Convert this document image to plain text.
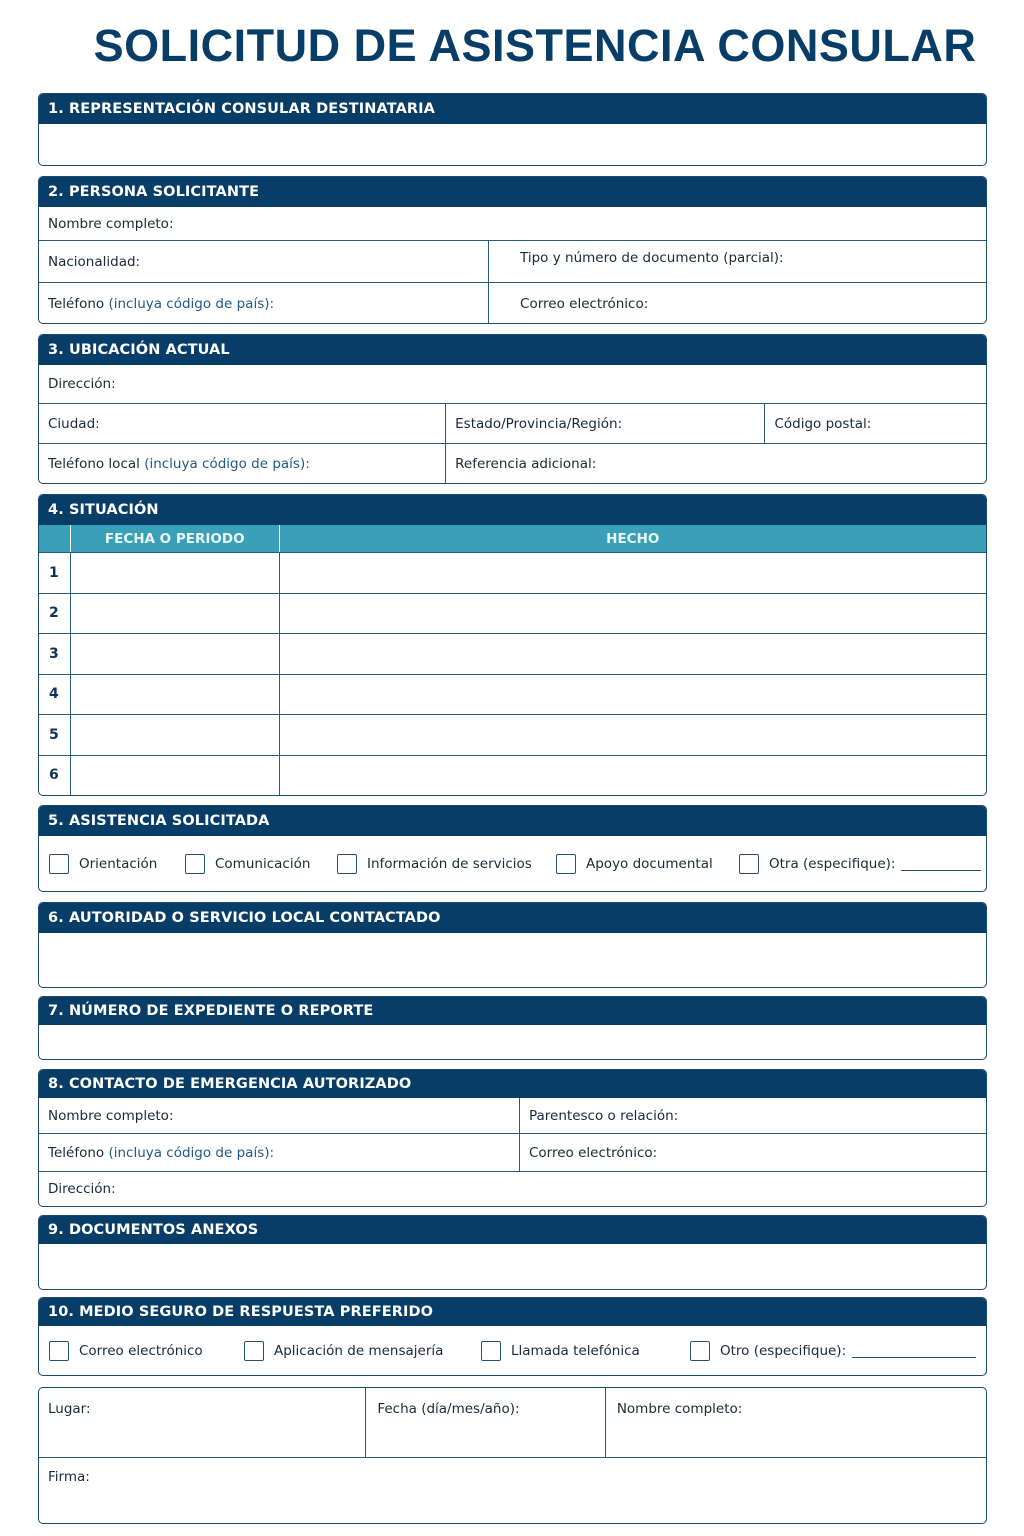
SOLICITUD DE ASISTENCIA CONSULAR
1. REPRESENTACIÓN CONSULAR DESTINATARIA
2. PERSONA SOLICITANTE
Nombre completo:
Nacionalidad:	Tipo y número de documento (parcial):
Teléfono
(incluya código de país):	Correo electrónico:
3. UBICACIÓN ACTUAL
Dirección:
Ciudad:	Estado/Provincia/Región:	Código postal:
Teléfono local
(incluya código de país):	Referencia adicional:
4. SITUACIÓN
FECHA O PERIODO	HECHO
1
2
3
4
5
6
5. ASISTENCIA SOLICITADA
Orientación	Comunicación	Información de servicios	Apoyo documental	Otra (especifique):
6. AUTORIDAD O SERVICIO LOCAL CONTACTADO
7. NÚMERO DE EXPEDIENTE O REPORTE
8. CONTACTO DE EMERGENCIA AUTORIZADO
Nombre completo:	Parentesco o relación:
Teléfono
(incluya código de país):	Correo electrónico:
Dirección:
9. DOCUMENTOS ANEXOS
10. MEDIO SEGURO DE RESPUESTA PREFERIDO
Correo electrónico	Aplicación de mensajería	Llamada telefónica	Otro (especifique):
Lugar:	Fecha (día/mes/año):	Nombre completo:
Firma:
